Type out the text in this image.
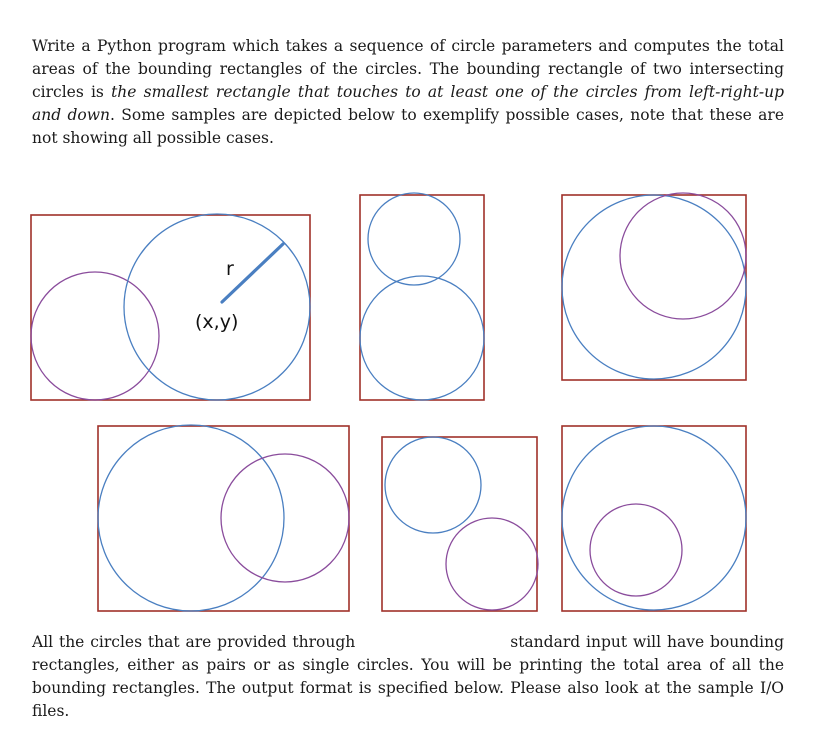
Write a Python program which takes a sequence of circle parameters and computes the total areas of the bounding rectangles of the circles. The bounding rectangle of two intersecting circles is the smallest rectangle that touches to at least one of the circles from left-right-up and down. Some samples are depicted below to exemplify possible cases, note that these are not showing all possible cases.

r
(x,y)

All the circles that are provided through	standard input will have bounding rectangles, either as pairs or as single circles. You will be printing the total area of all the bounding rectangles. The output format is specified below. Please also look at the sample I/O files.
